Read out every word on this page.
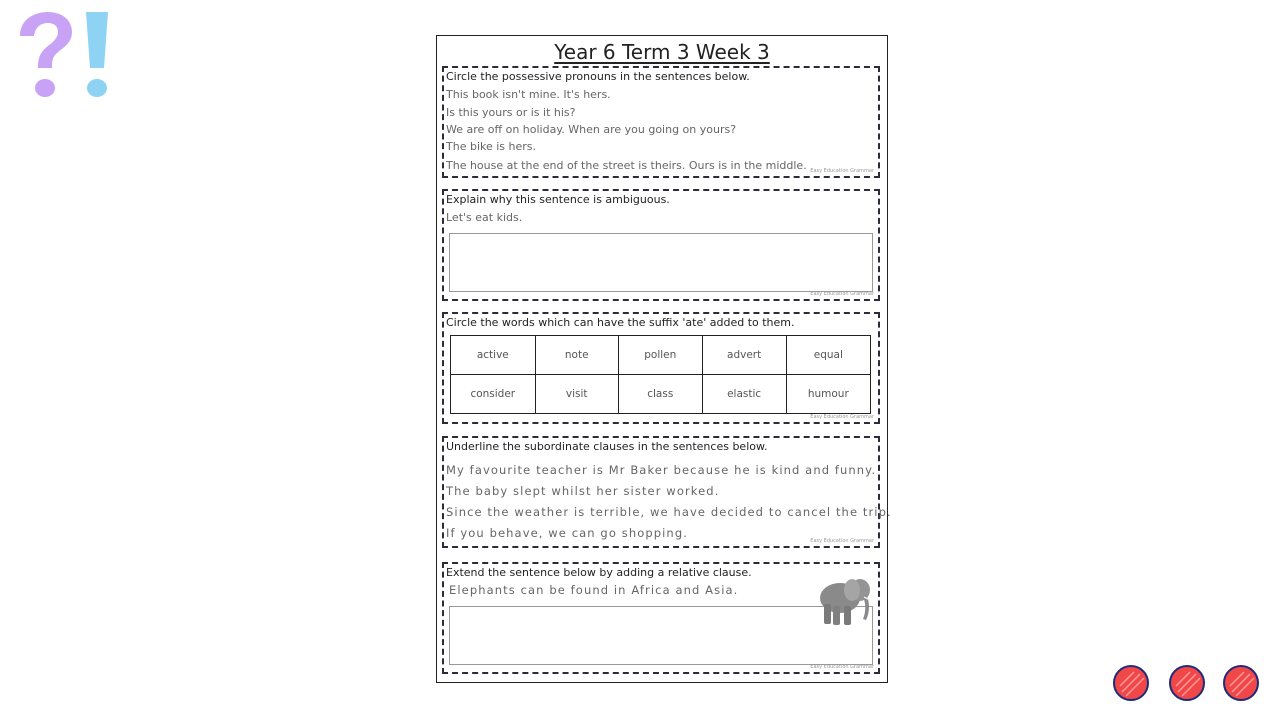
Year 6 Term 3 Week 3
Circle the possessive pronouns in the sentences below.
This book isn't mine. It's hers.
Is this yours or is it his?
We are off on holiday. When are you going on yours?
The bike is hers.
The house at the end of the street is theirs. Ours is in the middle. Easy Education Grammar
Explain why this sentence is ambiguous.
Let's eat kids.
Easy Education Grammar
Circle the words which can have the suffix 'ate' added to them.
active	note	pollen	advert	equal
consider	visit	class	elastic	humour
Easy Education Grammar
Underline the subordinate clauses in the sentences below.
My favourite teacher is Mr Baker because he is kind and funny.
The baby slept whilst her sister worked.
Since the weather is terrible, we have decided to cancel the trip.
If you behave, we can go shopping.
Easy Education Grammar
Extend the sentence below by adding a relative clause.
Elephants can be found in Africa and Asia.
Easy Education Grammar
